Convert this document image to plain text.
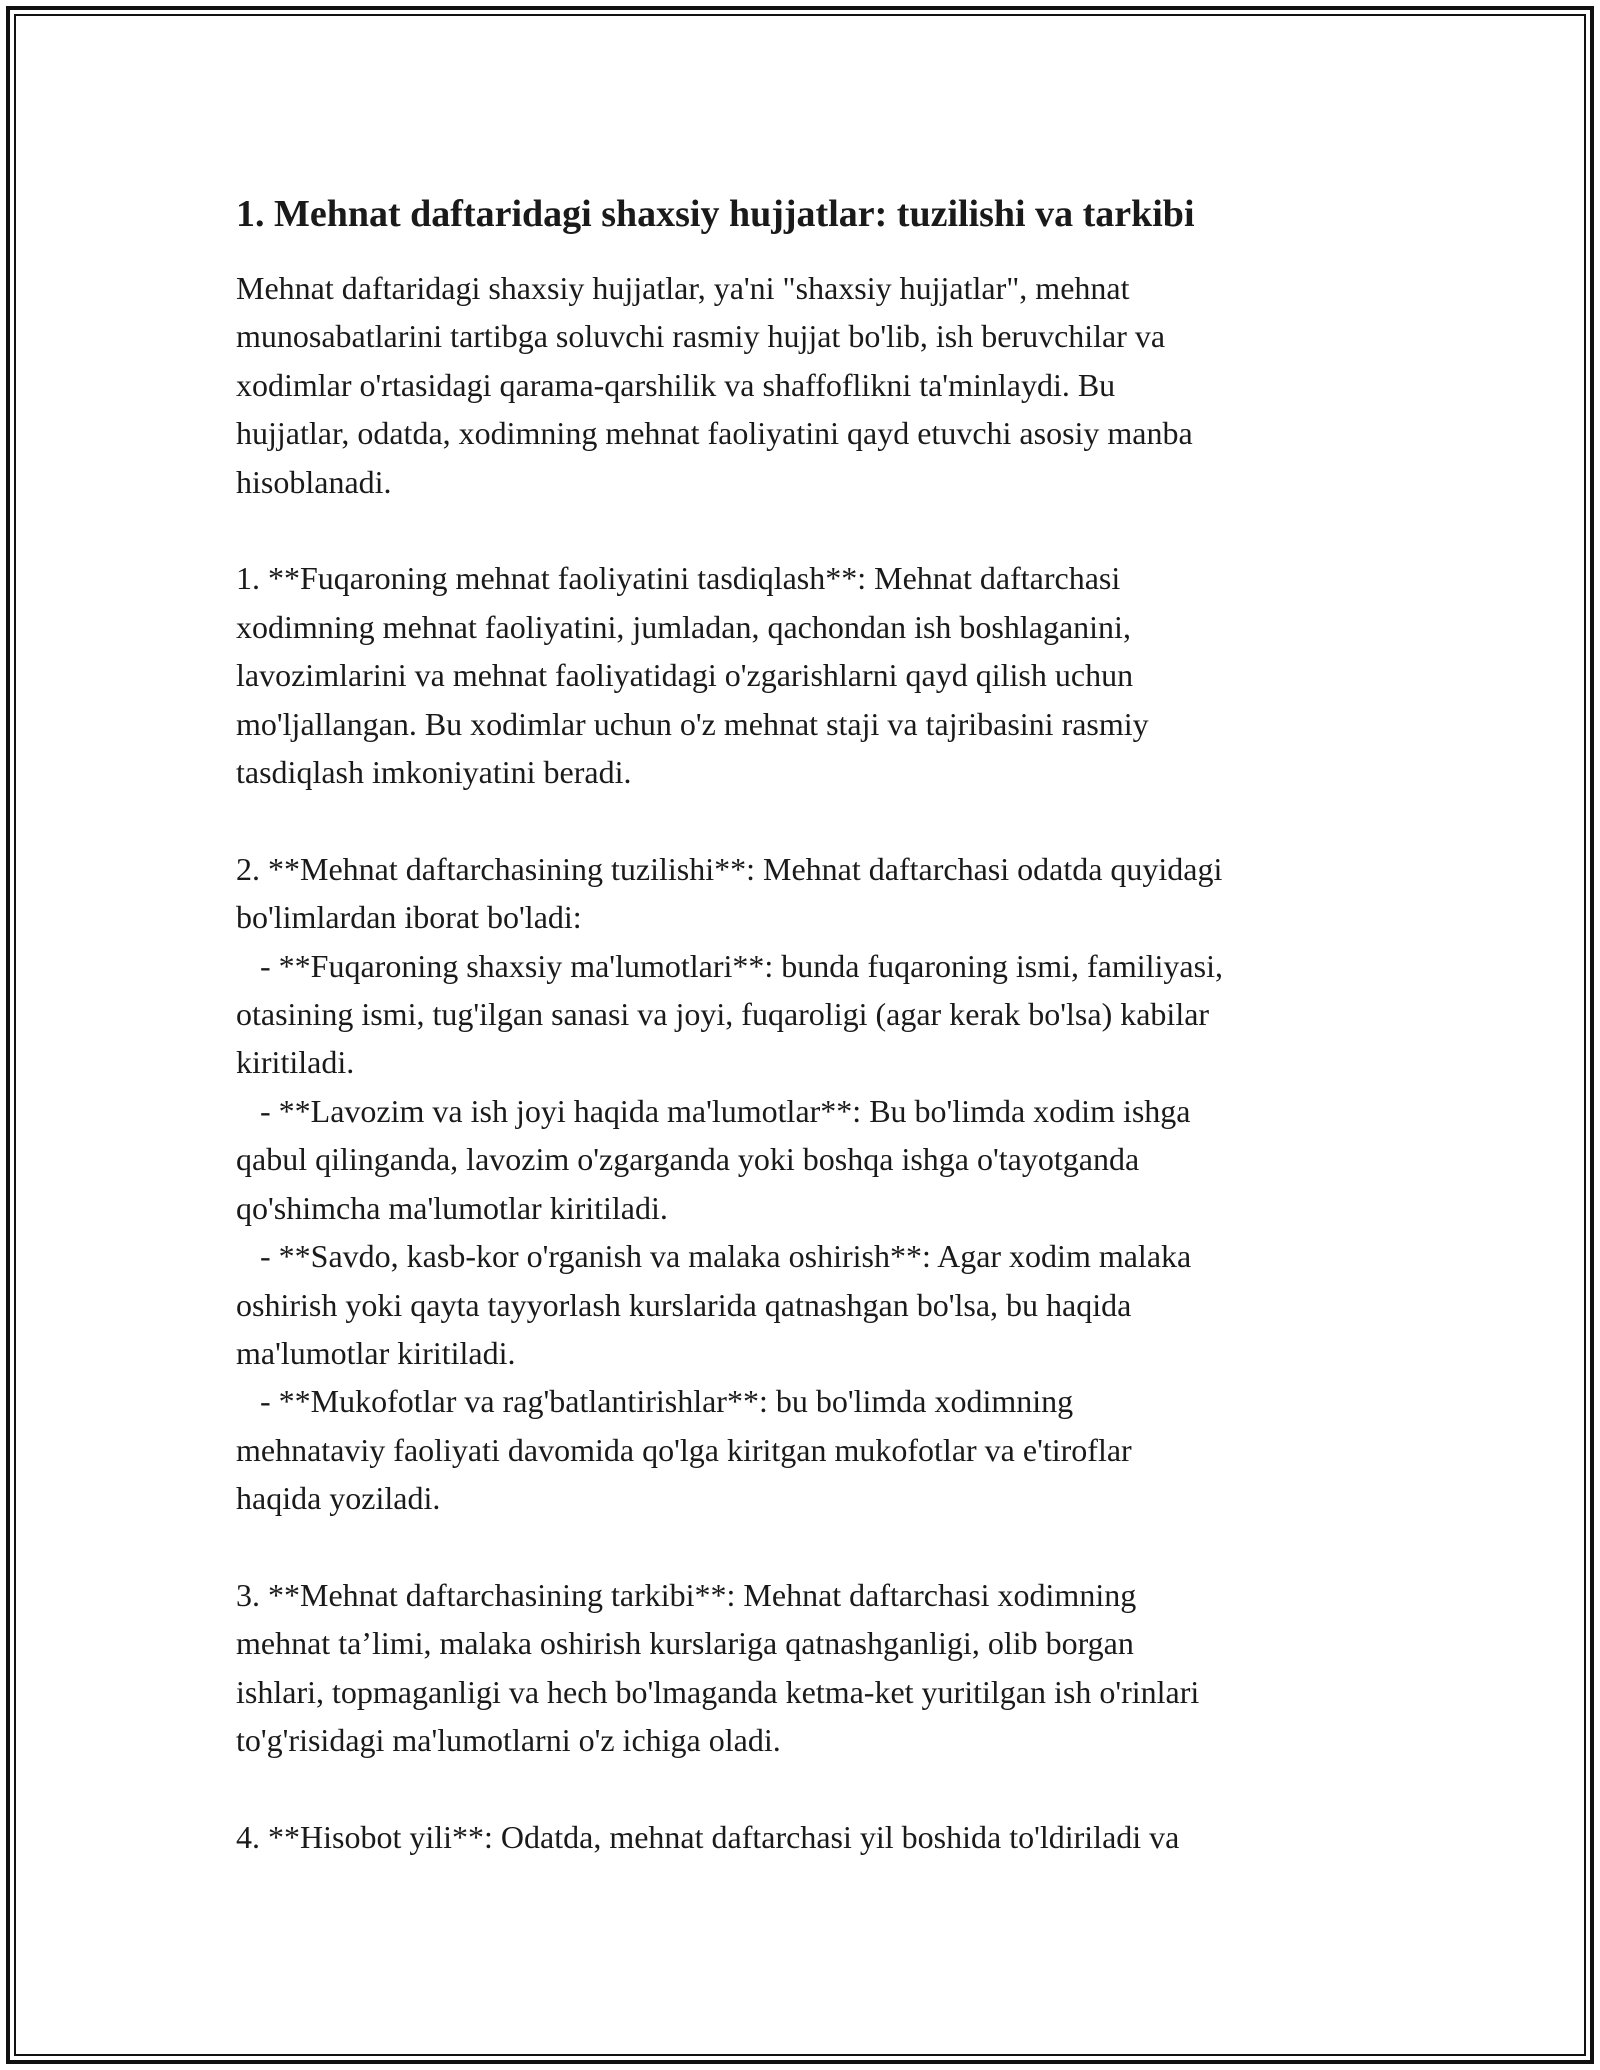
1. Mehnat daftaridagi shaxsiy hujjatlar: tuzilishi va tarkibi
Mehnat daftaridagi shaxsiy hujjatlar, ya'ni "shaxsiy hujjatlar", mehnat
munosabatlarini tartibga soluvchi rasmiy hujjat bo'lib, ish beruvchilar va
xodimlar o'rtasidagi qarama-qarshilik va shaffoflikni ta'minlaydi. Bu
hujjatlar, odatda, xodimning mehnat faoliyatini qayd etuvchi asosiy manba
hisoblanadi.
1. **Fuqaroning mehnat faoliyatini tasdiqlash**: Mehnat daftarchasi
xodimning mehnat faoliyatini, jumladan, qachondan ish boshlaganini,
lavozimlarini va mehnat faoliyatidagi o'zgarishlarni qayd qilish uchun
mo'ljallangan. Bu xodimlar uchun o'z mehnat staji va tajribasini rasmiy
tasdiqlash imkoniyatini beradi.
2. **Mehnat daftarchasining tuzilishi**: Mehnat daftarchasi odatda quyidagi
bo'limlardan iborat bo'ladi:
- **Fuqaroning shaxsiy ma'lumotlari**: bunda fuqaroning ismi, familiyasi,
otasining ismi, tug'ilgan sanasi va joyi, fuqaroligi (agar kerak bo'lsa) kabilar
kiritiladi.
- **Lavozim va ish joyi haqida ma'lumotlar**: Bu bo'limda xodim ishga
qabul qilinganda, lavozim o'zgarganda yoki boshqa ishga o'tayotganda
qo'shimcha ma'lumotlar kiritiladi.
- **Savdo, kasb-kor o'rganish va malaka oshirish**: Agar xodim malaka
oshirish yoki qayta tayyorlash kurslarida qatnashgan bo'lsa, bu haqida
ma'lumotlar kiritiladi.
- **Mukofotlar va rag'batlantirishlar**: bu bo'limda xodimning
mehnataviy faoliyati davomida qo'lga kiritgan mukofotlar va e'tiroflar
haqida yoziladi.
3. **Mehnat daftarchasining tarkibi**: Mehnat daftarchasi xodimning
mehnat ta’limi, malaka oshirish kurslariga qatnashganligi, olib borgan
ishlari, topmaganligi va hech bo'lmaganda ketma-ket yuritilgan ish o'rinlari
to'g'risidagi ma'lumotlarni o'z ichiga oladi.
4. **Hisobot yili**: Odatda, mehnat daftarchasi yil boshida to'ldiriladi va
